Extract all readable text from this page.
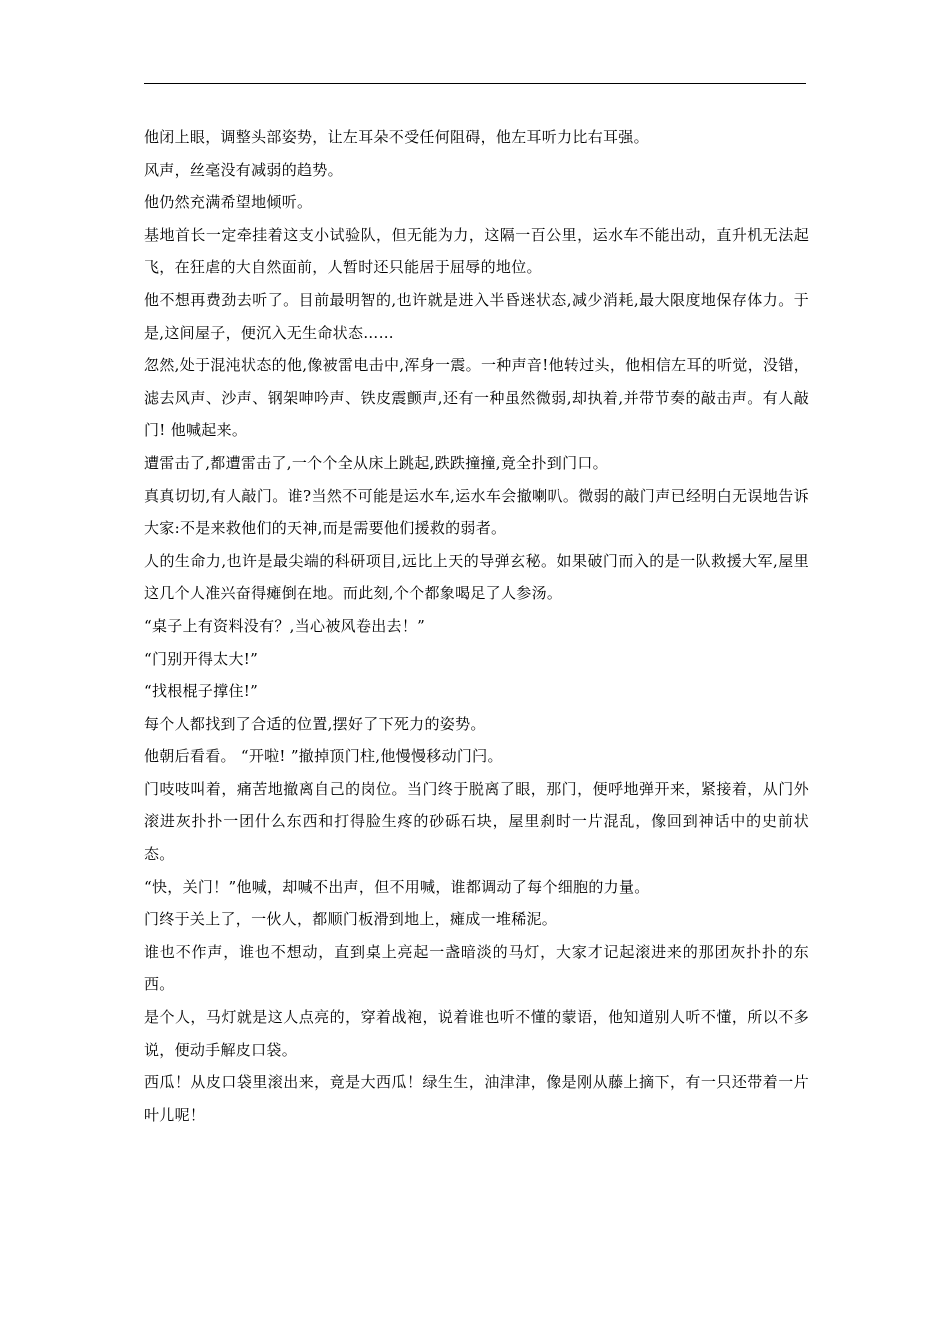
他闭上眼，调整头部姿势，让左耳朵不受任何阻碍，他左耳听力比右耳强。

风声，丝毫没有减弱的趋势。

他仍然充满希望地倾听。

基地首长一定牵挂着这支小试验队，但无能为力，这隔一百公里，运水车不能出动，直升机无法起飞，在狂虐的大自然面前，人暂时还只能居于屈辱的地位。

他不想再费劲去听了。目前最明智的,也许就是进入半昏迷状态,减少消耗,最大限度地保存体力。于是,这间屋子，便沉入无生命状态……

忽然,处于混沌状态的他,像被雷电击中,浑身一震。一种声音!他转过头，他相信左耳的听觉，没错，滤去风声、沙声、钢架呻吟声、铁皮震颤声,还有一种虽然微弱,却执着,并带节奏的敲击声。有人敲门! 他喊起来。

遭雷击了,都遭雷击了,一个个全从床上跳起,跌跌撞撞,竟全扑到门口。

真真切切,有人敲门。谁?当然不可能是运水车,运水车会撤喇叭。微弱的敲门声已经明白无误地告诉大家:不是来救他们的天神,而是需要他们援救的弱者。

人的生命力,也许是最尖端的科研项目,远比上天的导弹玄秘。如果破门而入的是一队救援大军,屋里这几个人准兴奋得瘫倒在地。而此刻,个个都象喝足了人参汤。

“桌子上有资料没有？,当心被风卷出去！”

“门别开得太大!”

“找根棍子撑住!”

每个人都找到了合适的位置,摆好了下死力的姿势。

他朝后看看。 “开啦! ”撤掉顶门柱,他慢慢移动门闩。

门吱吱叫着，痛苦地撤离自己的岗位。当门终于脱离了眼，那门，便呼地弹开来，紧接着，从门外滚进灰扑扑一团什么东西和打得脸生疼的砂砾石块，屋里刹时一片混乱，像回到神话中的史前状态。

“快，关门！”他喊，却喊不出声，但不用喊，谁都调动了每个细胞的力量。

门终于关上了，一伙人，都顺门板滑到地上，瘫成一堆稀泥。

谁也不作声，谁也不想动，直到桌上亮起一盏暗淡的马灯，大家才记起滚进来的那团灰扑扑的东西。

是个人，马灯就是这人点亮的，穿着战袍，说着谁也听不懂的蒙语，他知道别人听不懂，所以不多说，便动手解皮口袋。

西瓜！从皮口袋里滚出来，竟是大西瓜！绿生生，油津津，像是刚从藤上摘下，有一只还带着一片叶儿呢！
